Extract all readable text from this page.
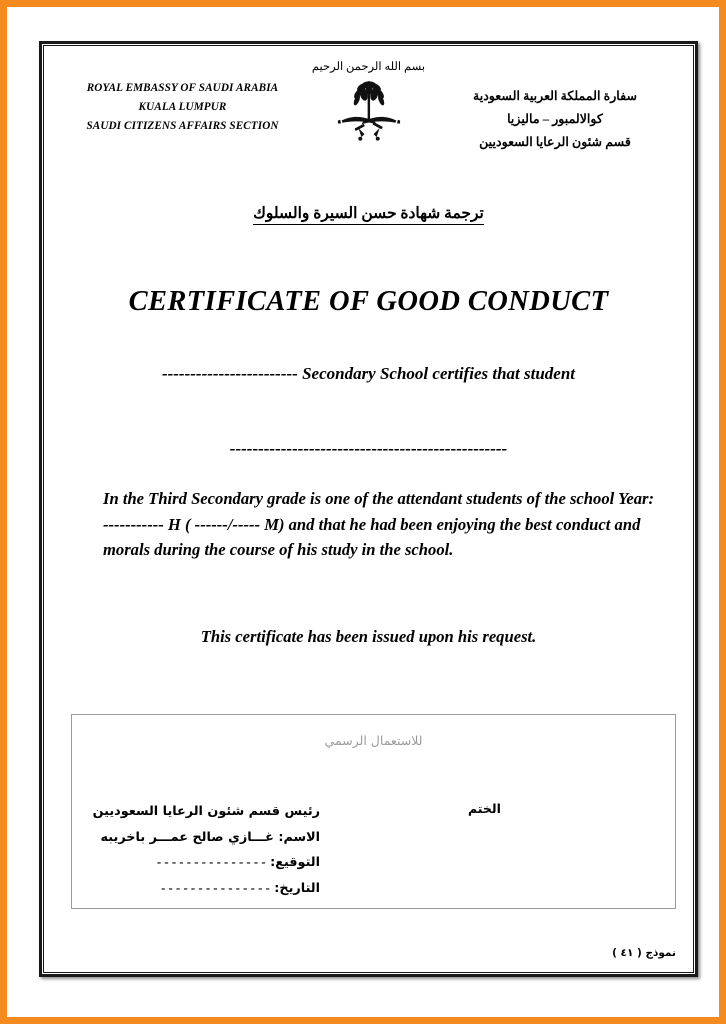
ROYAL EMBASSY OF SAUDI ARABIA
KUALA LUMPUR
SAUDI CITIZENS AFFAIRS SECTION
بسم الله الرحمن الرحيم
سفارة المملكة العربية السعودية
كوالالمبور – ماليزيا
قسم شئون الرعايا السعوديين
ترجمة شهادة حسن السيرة والسلوك
CERTIFICATE OF GOOD CONDUCT
------------------------ Secondary School certifies that student
-------------------------------------------------
In the Third Secondary grade is one of the attendant students of the school Year: ----------- H ( ------/----- M) and that he had been enjoying the best conduct and morals during the course of his study in the school.
This certificate has been issued upon his request.
للاستعمال الرسمي
الختم
رئيس قسم شئون الرعايا السعوديين
الاسم: غـــازي صالح عمـــر باخريبه
التوقيع: - - - - - - - - - - - - - - -
التاريخ: - - - - - - - - - - - - - - -
نموذج ( ٤١ )
